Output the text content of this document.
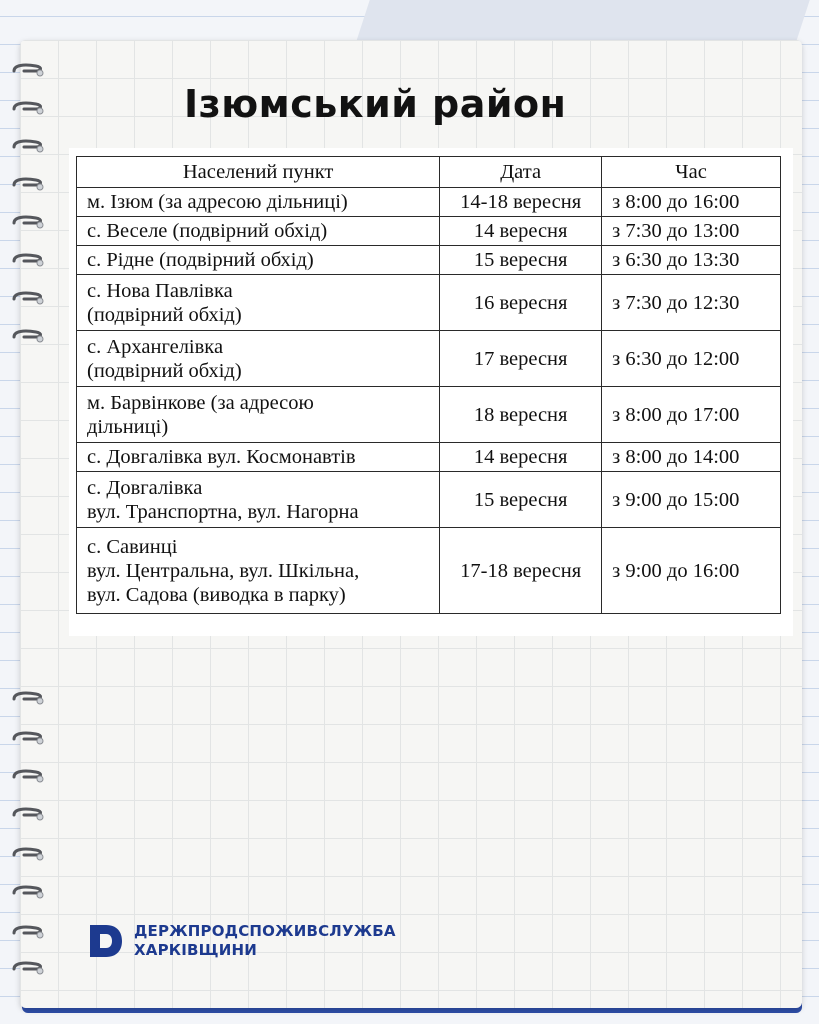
Ізюмський район
Населений пункт	Дата	Час
м. Ізюм (за адресою дільниці)	14-18 вересня	з 8:00 до 16:00
с. Веселе (подвірний обхід)	14 вересня	з 7:30 до 13:00
с. Рідне (подвірний обхід)	15 вересня	з 6:30 до 13:30
с. Нова Павлівка
(подвірний обхід)	16 вересня	з 7:30 до 12:30
с. Архангелівка
(подвірний обхід)	17 вересня	з 6:30 до 12:00
м. Барвінкове (за адресою
дільниці)	18 вересня	з 8:00 до 17:00
с. Довгалівка вул. Космонавтів	14 вересня	з 8:00 до 14:00
с. Довгалівка
вул. Транспортна, вул. Нагорна	15 вересня	з 9:00 до 15:00
с. Савинці
вул. Центральна, вул. Шкільна,
вул. Садова (виводка в парку)	17-18 вересня	з 9:00 до 16:00
ДЕРЖПРОДСПОЖИВСЛУЖБА
ХАРКІВЩИНИ
